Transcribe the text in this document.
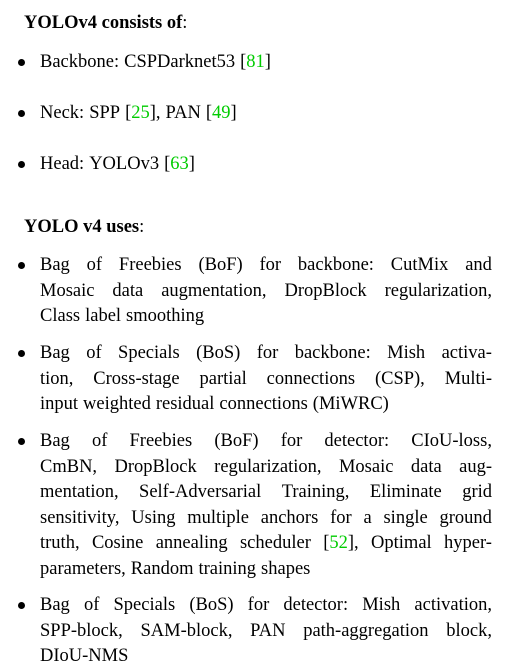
YOLOv4 consists of:
Backbone: CSPDarknet53 [81]
Neck: SPP [25], PAN [49]
Head: YOLOv3 [63]
YOLO v4 uses:
Bag of Freebies (BoF) for backbone: CutMix and
Mosaic data augmentation, DropBlock regularization,
Class label smoothing
Bag of Specials (BoS) for backbone: Mish activa-
tion, Cross-stage partial connections (CSP), Multi-
input weighted residual connections (MiWRC)
Bag of Freebies (BoF) for detector: CIoU-loss,
CmBN, DropBlock regularization, Mosaic data aug-
mentation, Self-Adversarial Training, Eliminate grid
sensitivity, Using multiple anchors for a single ground
truth, Cosine annealing scheduler [52], Optimal hyper-
parameters, Random training shapes
Bag of Specials (BoS) for detector: Mish activation,
SPP-block, SAM-block, PAN path-aggregation block,
DIoU-NMS
